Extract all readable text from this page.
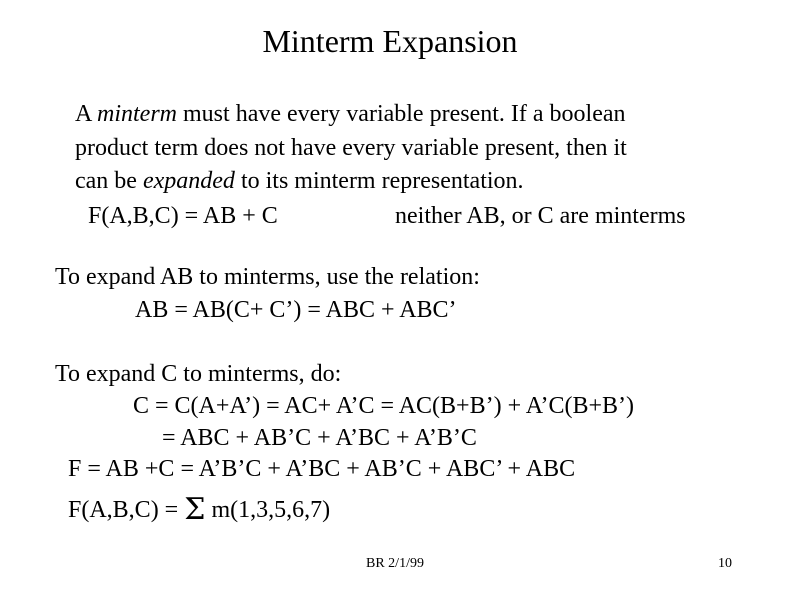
Minterm Expansion
A minterm must have every variable present. If a boolean
product term does not have every variable present, then it
can be expanded to its minterm representation.
F(A,B,C) = AB + C	neither AB, or C are minterms
To expand AB to minterms, use the relation:
AB = AB(C+ C’) = ABC + ABC’
To expand C to minterms, do:
C = C(A+A’) = AC+ A’C = AC(B+B’) + A’C(B+B’)
= ABC + AB’C + A’BC + A’B’C
F = AB +C = A’B’C + A’BC + AB’C + ABC’ + ABC
F(A,B,C) = Σ m(1,3,5,6,7)
BR 2/1/99	10
